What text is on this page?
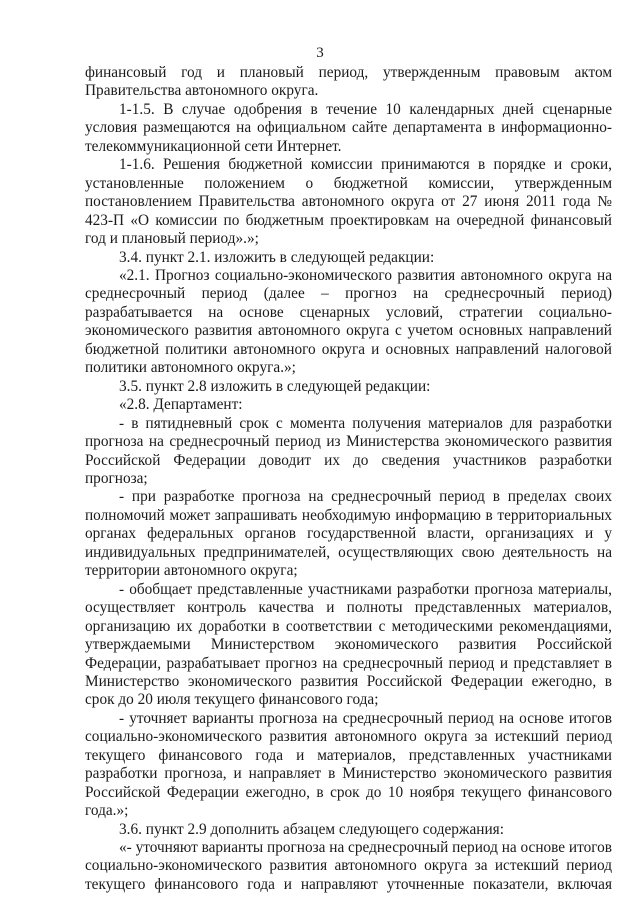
3

финансовый год и плановый период, утвержденным правовым актом Правительства автономного округа.

1-1.5. В случае одобрения в течение 10 календарных дней сценарные условия размещаются на официальном сайте департамента в информационно-телекоммуникационной сети Интернет.

1-1.6. Решения бюджетной комиссии принимаются в порядке и сроки, установленные положением о бюджетной комиссии, утвержденным постановлением Правительства автономного округа от 27 июня 2011 года № 423-П «О комиссии по бюджетным проектировкам на очередной финансовый год и плановый период».»;

3.4. пункт 2.1. изложить в следующей редакции:

«2.1. Прогноз социально-экономического развития автономного округа на среднесрочный период (далее – прогноз на среднесрочный период) разрабатывается на основе сценарных условий, стратегии социально-экономического развития автономного округа с учетом основных направлений бюджетной политики автономного округа и основных направлений налоговой политики автономного округа.»;

3.5. пункт 2.8 изложить в следующей редакции:

«2.8. Департамент:

- в пятидневный срок с момента получения материалов для разработки прогноза на среднесрочный период из Министерства экономического развития Российской Федерации доводит их до сведения участников разработки прогноза;

- при разработке прогноза на среднесрочный период в пределах своих полномочий может запрашивать необходимую информацию в территориальных органах федеральных органов государственной власти, организациях и у индивидуальных предпринимателей, осуществляющих свою деятельность на территории автономного округа;

- обобщает представленные участниками разработки прогноза материалы, осуществляет контроль качества и полноты представленных материалов, организацию их доработки в соответствии с методическими рекомендациями, утверждаемыми Министерством экономического развития Российской Федерации, разрабатывает прогноз на среднесрочный период и представляет в Министерство экономического развития Российской Федерации ежегодно, в срок до 20 июля текущего финансового года;

- уточняет варианты прогноза на среднесрочный период на основе итогов социально-экономического развития автономного округа за истекший период текущего финансового года и материалов, представленных участниками разработки прогноза, и направляет в Министерство экономического развития Российской Федерации ежегодно, в срок до 10 ноября текущего финансового года.»;

3.6. пункт 2.9 дополнить абзацем следующего содержания:

«- уточняют варианты прогноза на среднесрочный период на основе итогов социально-экономического развития автономного округа за истекший период текущего финансового года и направляют уточненные показатели, включая
